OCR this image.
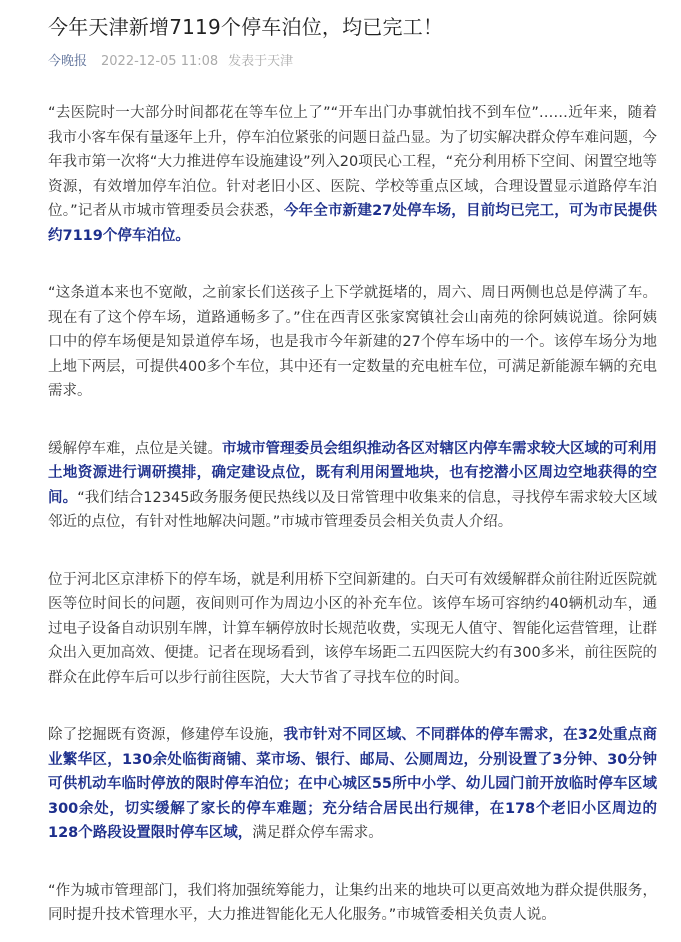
今年天津新增7119个停车泊位，均已完工！
今晚报 2022-12-05 11:08 发表于天津

“去医院时一大部分时间都花在等车位上了”“开车出门办事就怕找不到车位”……近年来，随着我市小客车保有量逐年上升，停车泊位紧张的问题日益凸显。为了切实解决群众停车难问题，今年我市第一次将“大力推进停车设施建设”列入20项民心工程，“充分利用桥下空间、闲置空地等资源，有效增加停车泊位。针对老旧小区、医院、学校等重点区域，合理设置显示道路停车泊位。”记者从市城市管理委员会获悉，今年全市新建27处停车场，目前均已完工，可为市民提供约7119个停车泊位。

“这条道本来也不宽敞，之前家长们送孩子上下学就挺堵的，周六、周日两侧也总是停满了车。现在有了这个停车场，道路通畅多了。”住在西青区张家窝镇社会山南苑的徐阿姨说道。徐阿姨口中的停车场便是知景道停车场，也是我市今年新建的27个停车场中的一个。该停车场分为地上地下两层，可提供400多个车位，其中还有一定数量的充电桩车位，可满足新能源车辆的充电需求。

缓解停车难，点位是关键。市城市管理委员会组织推动各区对辖区内停车需求较大区域的可利用土地资源进行调研摸排，确定建设点位，既有利用闲置地块，也有挖潜小区周边空地获得的空间。“我们结合12345政务服务便民热线以及日常管理中收集来的信息，寻找停车需求较大区域邻近的点位，有针对性地解决问题。”市城市管理委员会相关负责人介绍。

位于河北区京津桥下的停车场，就是利用桥下空间新建的。白天可有效缓解群众前往附近医院就医等位时间长的问题，夜间则可作为周边小区的补充车位。该停车场可容纳约40辆机动车，通过电子设备自动识别车牌，计算车辆停放时长规范收费，实现无人值守、智能化运营管理，让群众出入更加高效、便捷。记者在现场看到，该停车场距二五四医院大约有300多米，前往医院的群众在此停车后可以步行前往医院，大大节省了寻找车位的时间。

除了挖掘既有资源，修建停车设施，我市针对不同区域、不同群体的停车需求，在32处重点商业繁华区，130余处临街商铺、菜市场、银行、邮局、公厕周边，分别设置了3分钟、30分钟可供机动车临时停放的限时停车泊位；在中心城区55所中小学、幼儿园门前开放临时停车区域300余处，切实缓解了家长的停车难题；充分结合居民出行规律，在178个老旧小区周边的128个路段设置限时停车区域，满足群众停车需求。

“作为城市管理部门，我们将加强统筹能力，让集约出来的地块可以更高效地为群众提供服务，同时提升技术管理水平，大力推进智能化无人化服务。”市城管委相关负责人说。
